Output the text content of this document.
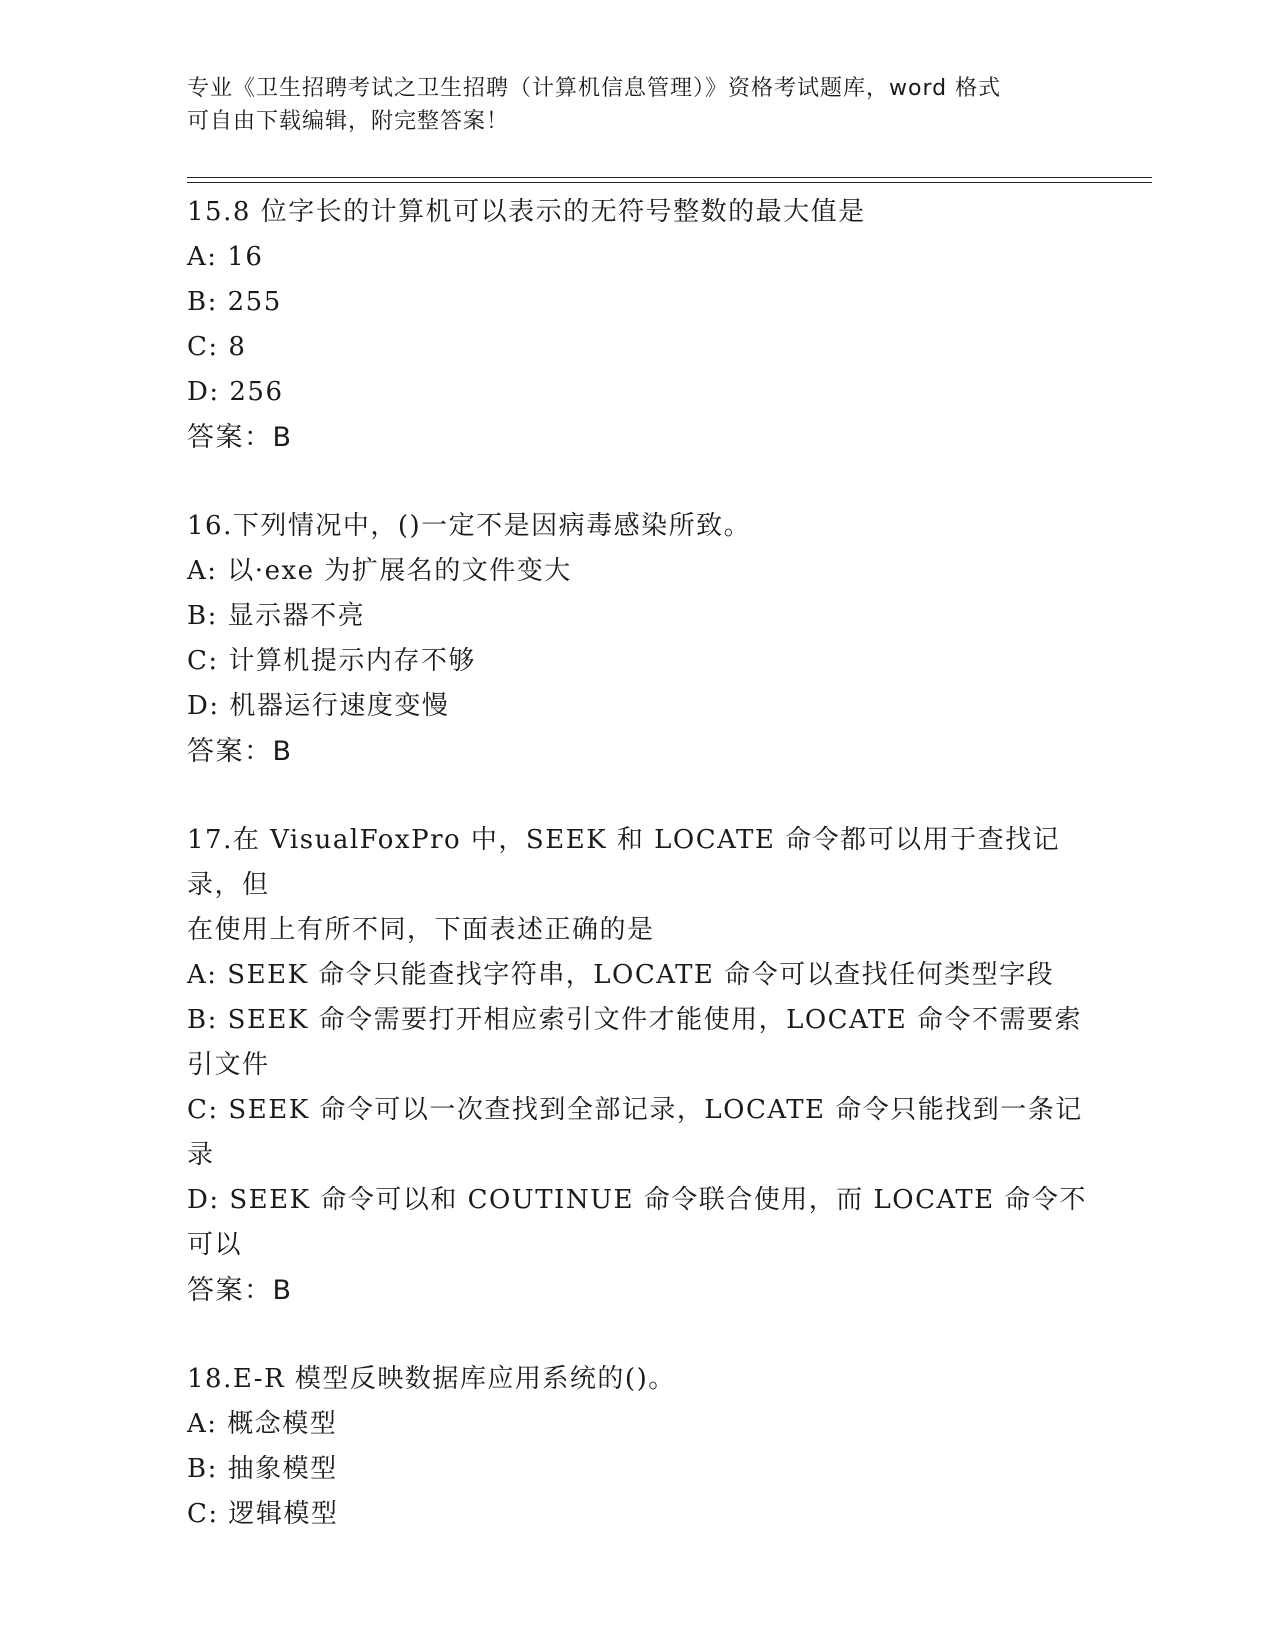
专业《卫生招聘考试之卫生招聘（计算机信息管理）》资格考试题库，word 格式
可自由下载编辑，附完整答案！

15.8 位字长的计算机可以表示的无符号整数的最大值是

A: 16

B: 255

C: 8

D: 256

答案：B

16.下列情况中，()一定不是因病毒感染所致。

A: 以·exe 为扩展名的文件变大

B: 显示器不亮

C: 计算机提示内存不够

D: 机器运行速度变慢

答案：B

17.在 VisualFoxPro 中，SEEK 和 LOCATE 命令都可以用于查找记录，但

在使用上有所不同，下面表述正确的是

A: SEEK 命令只能查找字符串，LOCATE 命令可以查找任何类型字段

B: SEEK 命令需要打开相应索引文件才能使用，LOCATE 命令不需要索

引文件

C: SEEK 命令可以一次查找到全部记录，LOCATE 命令只能找到一条记

录

D: SEEK 命令可以和 COUTINUE 命令联合使用，而 LOCATE 命令不可以

答案：B

18.E-R 模型反映数据库应用系统的()。

A: 概念模型

B: 抽象模型

C: 逻辑模型
